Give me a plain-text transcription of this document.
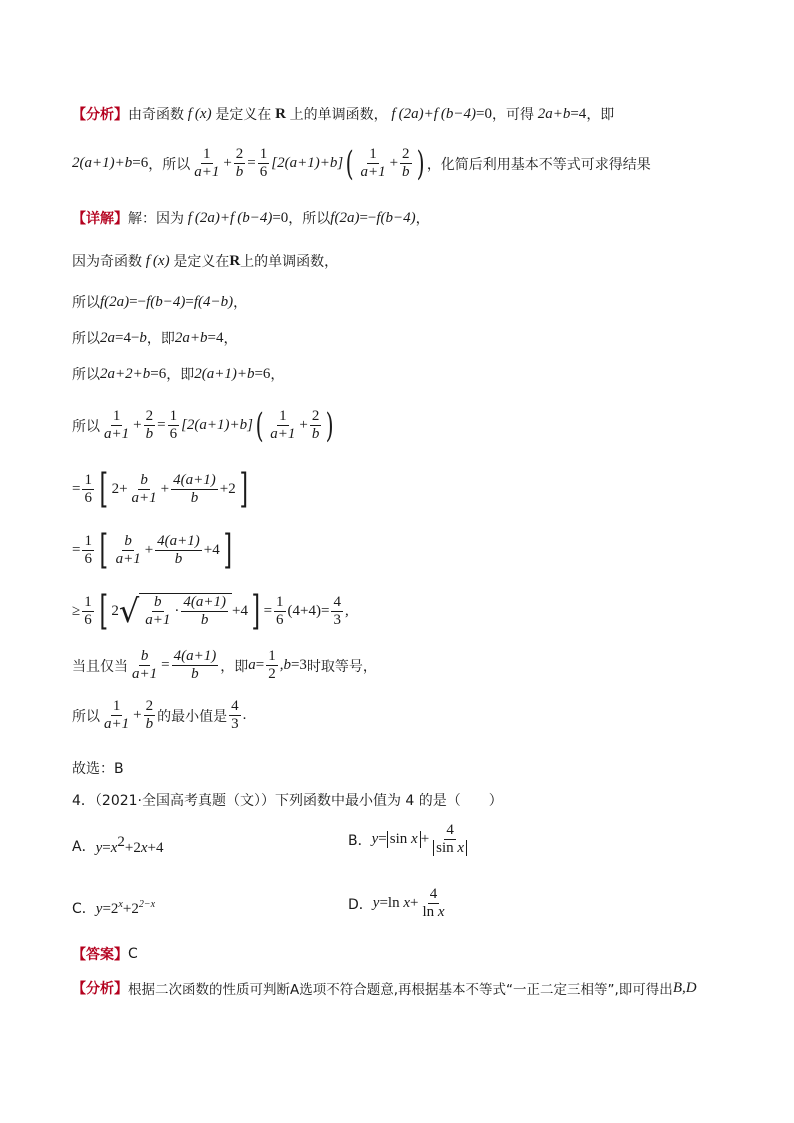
【分析】 由奇函数 f (x) 是定义在 R 上的单调函数， f (2a)+f (b−4)=0 ，可得 2a+b=4 ，即
2(a+1)+b=6 ，所以 $\frac{1}{a+1} + \frac{2}{b} = \frac{1}{6} [2(a+1)+b]$ ( $\frac{1}{a+1} + \frac{2}{b}$ ) ，化简后利用基本不等式可求得结果
【详解】 解：因为 f (2a)+f (b−4)=0 ，所以 f(2a)=−f(b−4) ，
因为奇函数 f (x) 是定义在 R 上的单调函数，
所以 f(2a)=−f(b−4)=f(4−b) ，
所以 2a=4−b ，即 2a+b=4 ，
所以 2a+2+b=6 ，即 2(a+1)+b=6 ，
所以 $\frac{1}{a+1} + \frac{2}{b} = \frac{1}{6} [2(a+1)+b]$ ( $\frac{1}{a+1} + \frac{2}{b}$ )
= $\frac{1}{6}$ [ $2+ \frac{b}{a+1} + \frac{4(a+1)}{b} +2$ ]
= $\frac{1}{6}$ [ $\frac{b}{a+1} + \frac{4(a+1)}{b} +4$ ]
≥ $\frac{1}{6}$ [ 2 √ $\frac{b}{a+1} \cdot \frac{4(a+1)}{b} +4$ ] = $\frac{1}{6} (4+4)= \frac{4}{3}$ ,
当且仅当 $\frac{b}{a+1} = \frac{4(a+1)}{b}$ ，即 $a= \frac{1}{2} ,b=3$ 时取等号，
所以 $\frac{1}{a+1} + \frac{2}{b}$ 的最小值是 $\frac{4}{3}$ .
故选：B
4．（2021·全国高考真题（文））下列函数中最小值为 4 的是（　　）
A． $y=x^2+2x+4$	B． $y= \sin x + \frac{4}{\text{sin x}}$
C． $y=2^x+2^{2-x}$	D． y=ln $x+ \frac{4}{\text{ln x}}$
【答案】 C
【分析】 根据二次函数的性质可判断A选项不符合题意,再根据基本不等式“一正二定三相等”,即可得出 B,D
